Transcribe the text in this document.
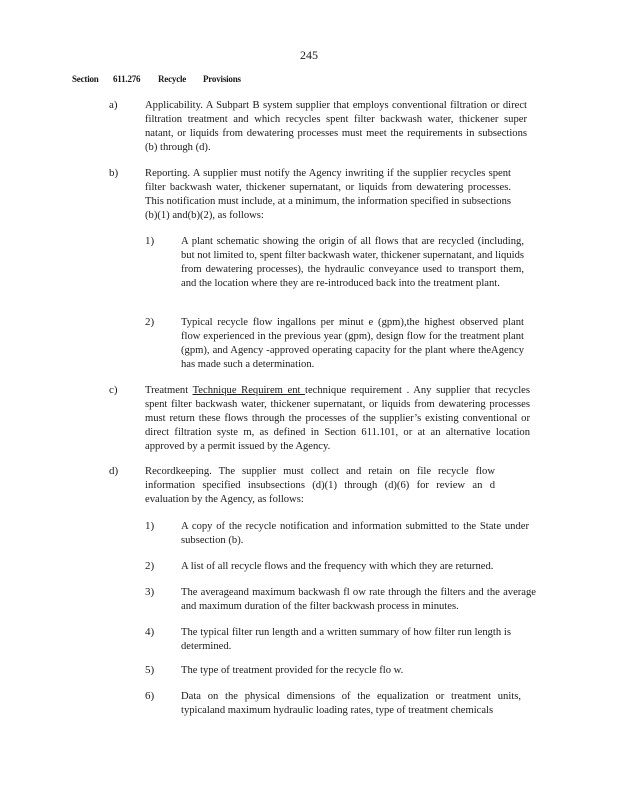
245
Section 611.276 Recycle Provisions
a)	Applicability. A Subpart B system supplier that employs conventional filtration or direct filtration treatment and which recycles spent filter backwash water, thickener super natant, or liquids from dewatering processes must meet the requirements in subsections (b) through (d).

b)	Reporting. A supplier must notify the Agency inwriting if the supplier recycles spent filter backwash water, thickener supernatant, or liquids from dewatering processes. This notification must include, at a minimum, the information specified in subsections (b)(1) and(b)(2), as follows:

1)	A plant schematic showing the origin of all flows that are recycled (including, but not limited to, spent filter backwash water, thickener supernatant, and liquids from dewatering processes), the hydraulic conveyance used to transport them, and the location where they are re-introduced back into the treatment plant.

2)	Typical recycle flow ingallons per minut e (gpm),the highest observed plant flow experienced in the previous year (gpm), design flow for the treatment plant (gpm), and Agency -approved operating capacity for the plant where theAgency has made such a determination.

c)	Treatment Technique Requirem ent technique requirement . Any supplier that recycles spent filter backwash water, thickener supernatant, or liquids from dewatering processes must return these flows through the processes of the supplier’s existing conventional or direct filtration syste m, as defined in Section 611.101, or at an alternative location approved by a permit issued by the Agency.

d)	Recordkeeping. The supplier must collect and retain on file recycle flow information specified insubsections (d)(1) through (d)(6) for review an d evaluation by the Agency, as follows:

1)	A copy of the recycle notification and information submitted to the State under subsection (b).

2)	A list of all recycle flows and the frequency with which they are returned.

3)	The averageand maximum backwash fl ow rate through the filters and the average and maximum duration of the filter backwash process in minutes.

4)	The typical filter run length and a written summary of how filter run length is determined.

5)	The type of treatment provided for the recycle flo w.

6)	Data on the physical dimensions of the equalization or treatment units, typicaland maximum hydraulic loading rates, type of treatment chemicals
